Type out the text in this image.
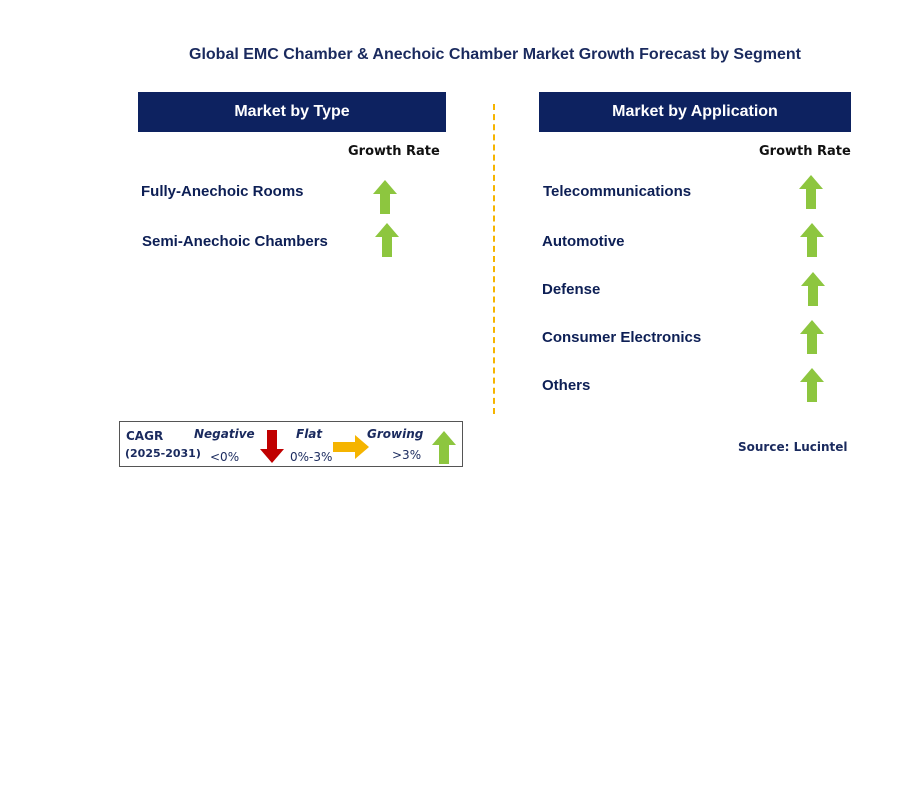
Global EMC Chamber & Anechoic Chamber Market Growth Forecast by Segment
Market by Type
Growth Rate
Fully-Anechoic Rooms
Semi-Anechoic Chambers
Market by Application
Growth Rate
Telecommunications
Automotive
Defense
Consumer Electronics
Others
CAGR
(2025-2031)
Negative
<0%
Flat
0%-3%
Growing
>3%
Source: Lucintel
